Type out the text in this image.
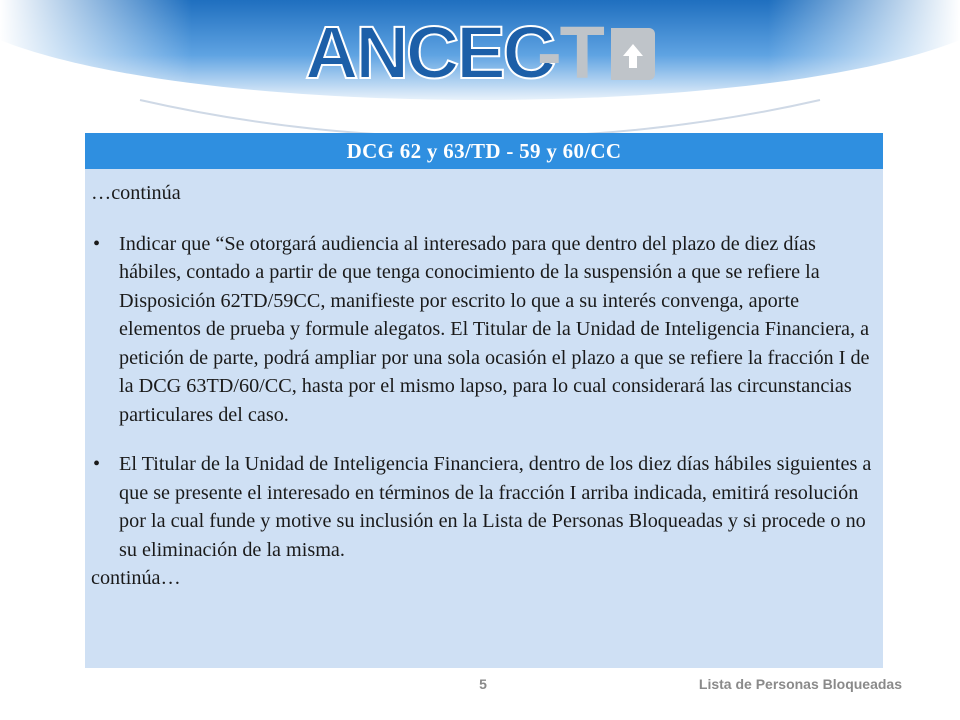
ANCEC
-T
DCG 62 y 63/TD - 59 y 60/CC

…continúa

• Indicar que “Se otorgará audiencia al interesado para que dentro del plazo de diez días hábiles, contado a partir de que tenga conocimiento de la suspensión a que se refiere la Disposición 62TD/59CC, manifieste por escrito lo que a su interés convenga, aporte elementos de prueba y formule alegatos. El Titular de la Unidad de Inteligencia Financiera, a petición de parte, podrá ampliar por una sola ocasión el plazo a que se refiere la fracción I de la DCG 63TD/60/CC, hasta por el mismo lapso, para lo cual considerará las circunstancias particulares del caso.
• El Titular de la Unidad de Inteligencia Financiera, dentro de los diez días hábiles siguientes a que se presente el interesado en términos de la fracción I arriba indicada, emitirá resolución por la cual funde y motive su inclusión en la Lista de Personas Bloqueadas y si procede o no su eliminación de la misma.

continúa…

5	Lista de Personas Bloqueadas
